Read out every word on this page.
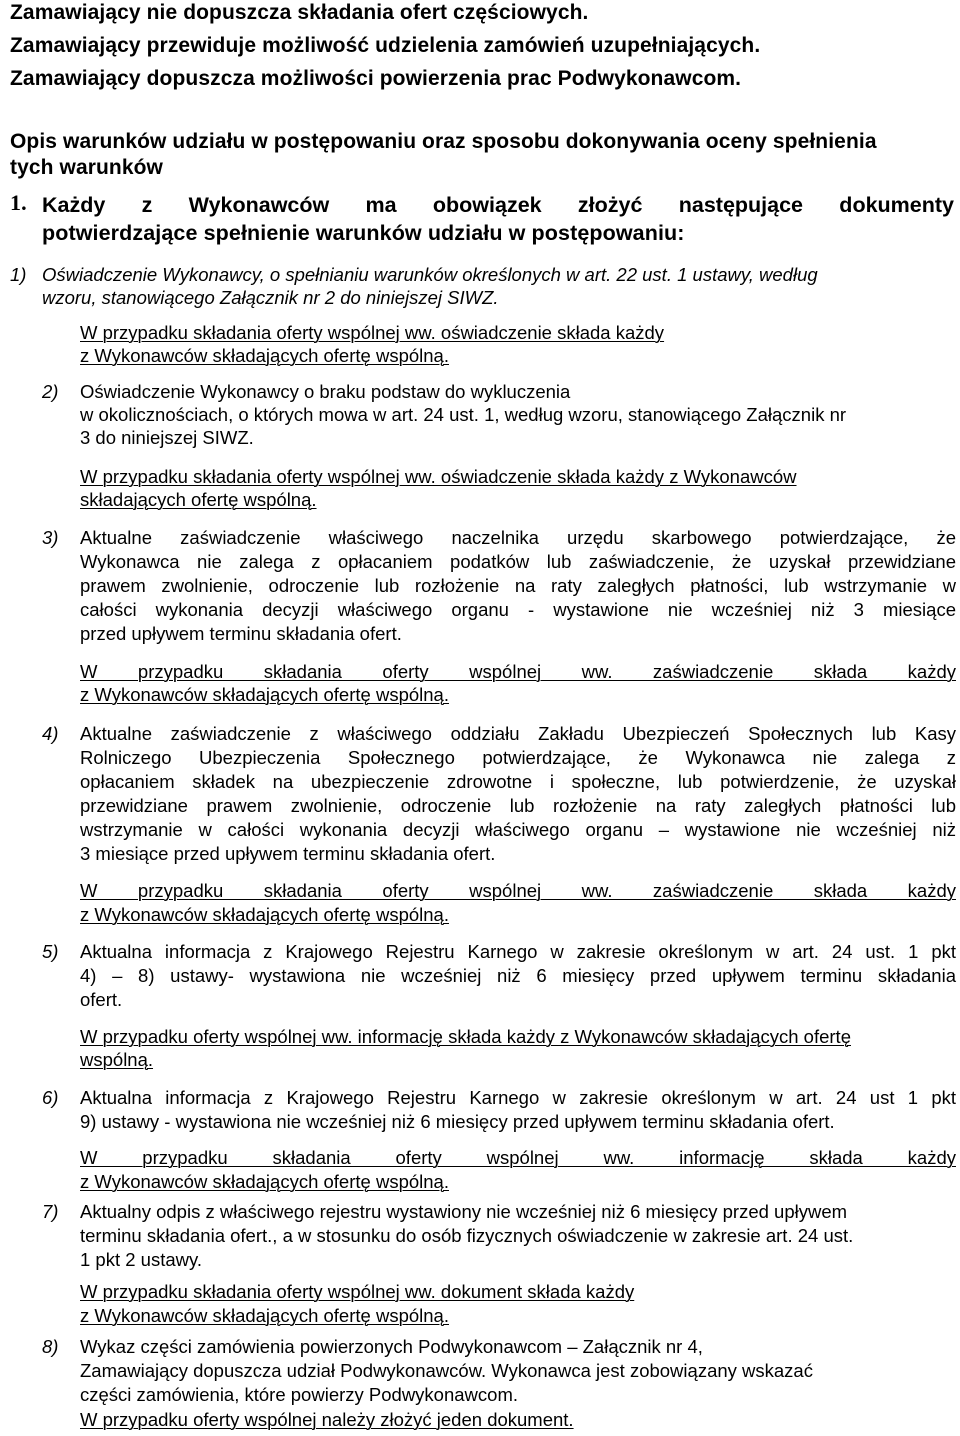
Zamawiający nie dopuszcza składania ofert częściowych.
Zamawiający przewiduje możliwość udzielenia zamówień uzupełniających.
Zamawiający dopuszcza możliwości powierzenia prac Podwykonawcom.
Opis warunków udziału w postępowaniu oraz sposobu dokonywania oceny spełnienia
tych warunków
1. Każdy z Wykonawców ma obowiązek złożyć następujące dokumenty
potwierdzające spełnienie warunków udziału w postępowaniu:
1) Oświadczenie Wykonawcy, o spełnianiu warunków określonych w art. 22 ust. 1 ustawy, według
wzoru, stanowiącego Załącznik nr 2 do niniejszej SIWZ.
W przypadku składania oferty wspólnej ww. oświadczenie składa każdy
z Wykonawców składających ofertę wspólną.
2) Oświadczenie Wykonawcy o braku podstaw do wykluczenia
w okolicznościach, o których mowa w art. 24 ust. 1, według wzoru, stanowiącego Załącznik nr
3 do niniejszej SIWZ.
W przypadku składania oferty wspólnej ww. oświadczenie składa każdy z Wykonawców
składających ofertę wspólną.
3) Aktualne zaświadczenie właściwego naczelnika urzędu skarbowego potwierdzające, że
Wykonawca nie zalega z opłacaniem podatków lub zaświadczenie, że uzyskał przewidziane
prawem zwolnienie, odroczenie lub rozłożenie na raty zaległych płatności, lub wstrzymanie w
całości wykonania decyzji właściwego organu - wystawione nie wcześniej niż 3 miesiące
przed upływem terminu składania ofert.
W przypadku składania oferty wspólnej ww. zaświadczenie składa każdy
z Wykonawców składających ofertę wspólną.
4) Aktualne zaświadczenie z właściwego oddziału Zakładu Ubezpieczeń Społecznych lub Kasy
Rolniczego Ubezpieczenia Społecznego potwierdzające, że Wykonawca nie zalega z
opłacaniem składek na ubezpieczenie zdrowotne i społeczne, lub potwierdzenie, że uzyskał
przewidziane prawem zwolnienie, odroczenie lub rozłożenie na raty zaległych płatności lub
wstrzymanie w całości wykonania decyzji właściwego organu – wystawione nie wcześniej niż
3 miesiące przed upływem terminu składania ofert.
W przypadku składania oferty wspólnej ww. zaświadczenie składa każdy
z Wykonawców składających ofertę wspólną.
5) Aktualna informacja z Krajowego Rejestru Karnego w zakresie określonym w art. 24 ust. 1 pkt
4) – 8) ustawy- wystawiona nie wcześniej niż 6 miesięcy przed upływem terminu składania
ofert.
W przypadku oferty wspólnej ww. informację składa każdy z Wykonawców składających ofertę
wspólną.
6) Aktualna informacja z Krajowego Rejestru Karnego w zakresie określonym w art. 24 ust 1 pkt
9) ustawy - wystawiona nie wcześniej niż 6 miesięcy przed upływem terminu składania ofert.
W przypadku składania oferty wspólnej ww. informację składa każdy
z Wykonawców składających ofertę wspólną.
7) Aktualny odpis z właściwego rejestru wystawiony nie wcześniej niż 6 miesięcy przed upływem
terminu składania ofert., a w stosunku do osób fizycznych oświadczenie w zakresie art. 24 ust.
1 pkt 2 ustawy.
W przypadku składania oferty wspólnej ww. dokument składa każdy
z Wykonawców składających ofertę wspólną.
8) Wykaz części zamówienia powierzonych Podwykonawcom – Załącznik nr 4,
Zamawiający dopuszcza udział Podwykonawców. Wykonawca jest zobowiązany wskazać
części zamówienia, które powierzy Podwykonawcom.
W przypadku oferty wspólnej należy złożyć jeden dokument.
